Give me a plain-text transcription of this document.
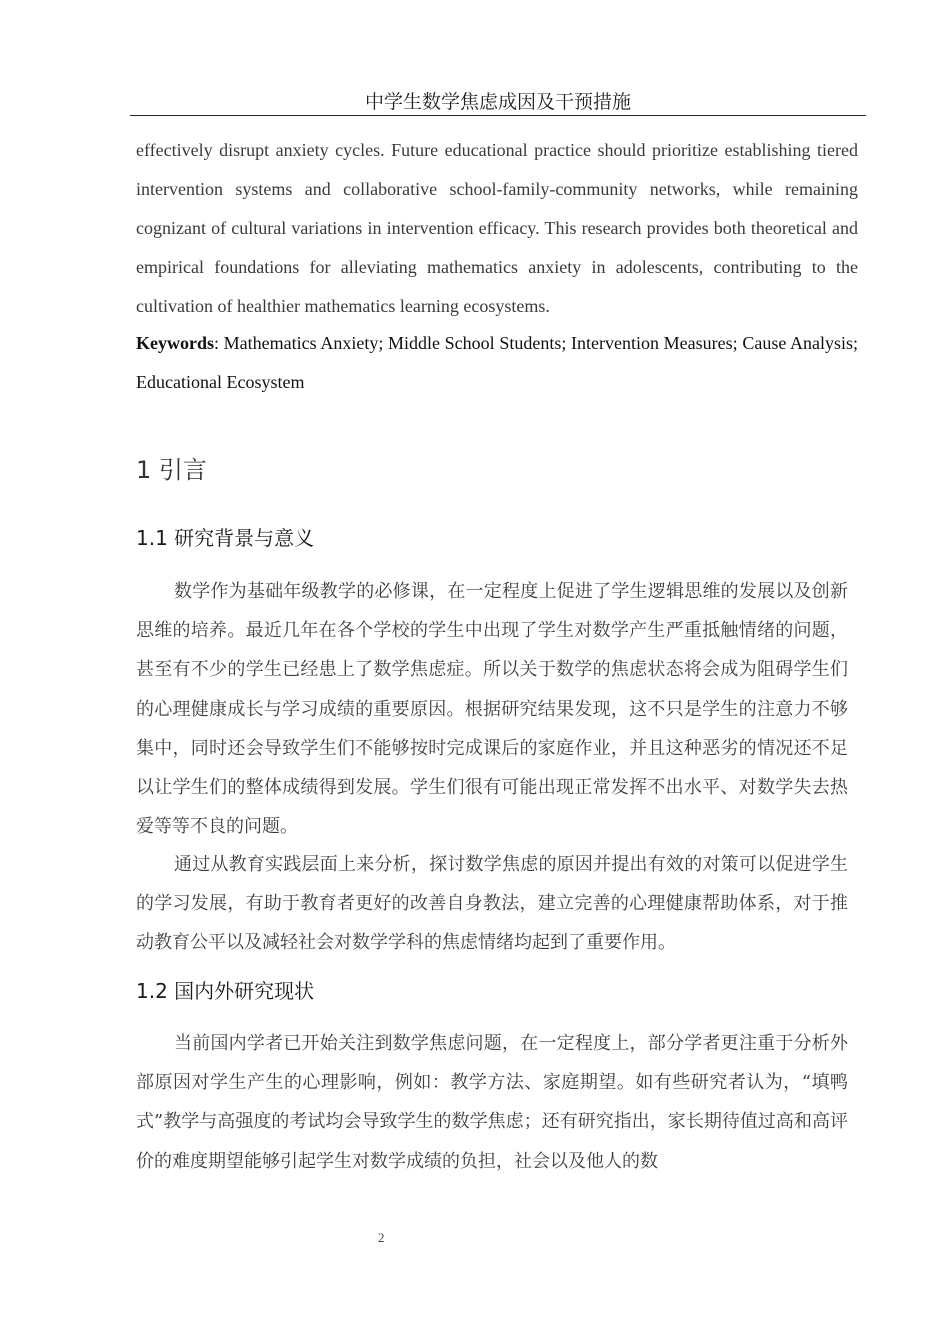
中学生数学焦虑成因及干预措施

effectively disrupt anxiety cycles. Future educational practice should prioritize establishing tiered intervention systems and collaborative school-family-community networks, while remaining cognizant of cultural variations in intervention efficacy. This research provides both theoretical and empirical foundations for alleviating mathematics anxiety in adolescents, contributing to the cultivation of healthier mathematics learning ecosystems.

Keywords: Mathematics Anxiety; Middle School Students; Intervention Measures; Cause Analysis; Educational Ecosystem

1 引言
1.1 研究背景与意义

数学作为基础年级教学的必修课，在一定程度上促进了学生逻辑思维的发展以及创新思维的培养。最近几年在各个学校的学生中出现了学生对数学产生严重抵触情绪的问题，甚至有不少的学生已经患上了数学焦虑症。所以关于数学的焦虑状态将会成为阻碍学生们的心理健康成长与学习成绩的重要原因。根据研究结果发现，这不只是学生的注意力不够集中，同时还会导致学生们不能够按时完成课后的家庭作业，并且这种恶劣的情况还不足以让学生们的整体成绩得到发展。学生们很有可能出现正常发挥不出水平、对数学失去热爱等等不良的问题。

通过从教育实践层面上来分析，探讨数学焦虑的原因并提出有效的对策可以促进学生的学习发展，有助于教育者更好的改善自身教法，建立完善的心理健康帮助体系，对于推动教育公平以及减轻社会对数学学科的焦虑情绪均起到了重要作用。

1.2 国内外研究现状

当前国内学者已开始关注到数学焦虑问题，在一定程度上，部分学者更注重于分析外部原因对学生产生的心理影响，例如：教学方法、家庭期望。如有些研究者认为，“填鸭式”教学与高强度的考试均会导致学生的数学焦虑；还有研究指出，家长期待值过高和高评价的难度期望能够引起学生对数学成绩的负担，社会以及他人的数

2
